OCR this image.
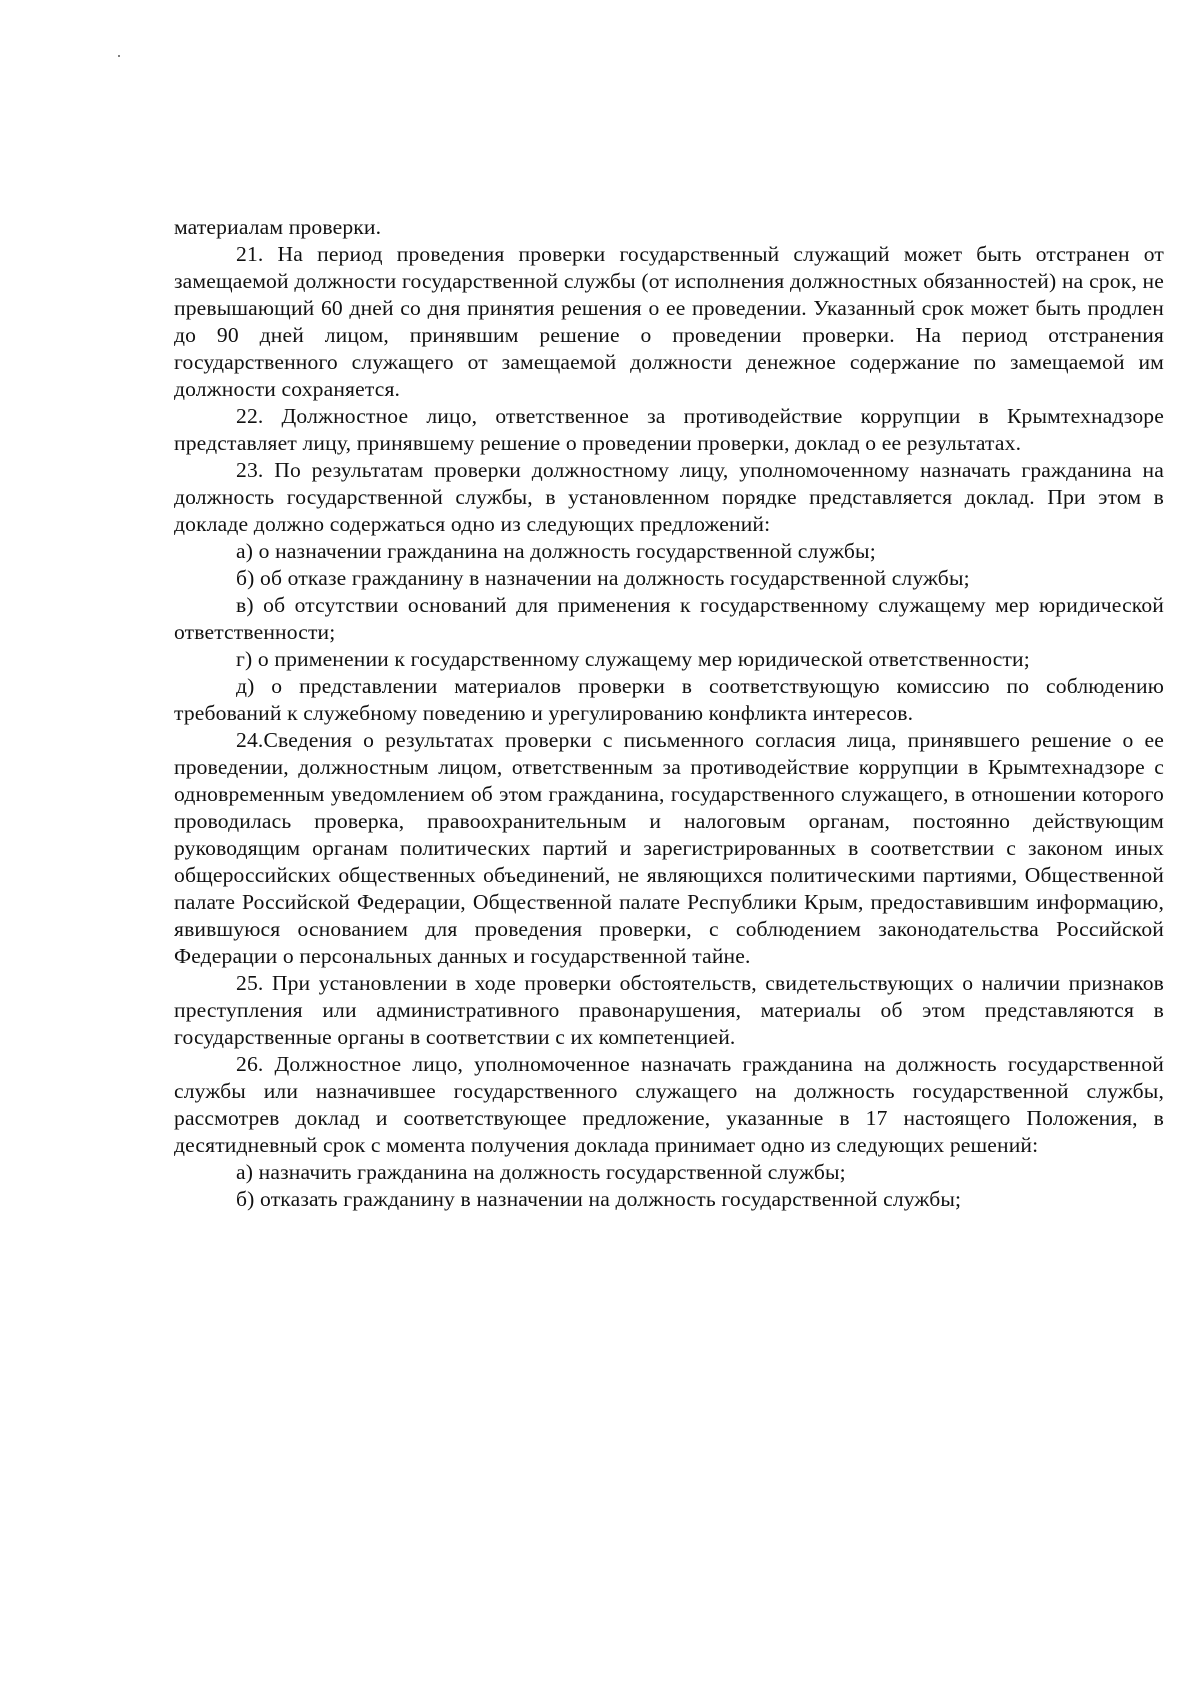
материалам проверки.

21. На период проведения проверки государственный служащий может быть отстранен от замещаемой должности государственной службы (от исполнения должностных обязанностей) на срок, не превышающий 60 дней со дня принятия решения о ее проведении. Указанный срок может быть продлен до 90 дней лицом, принявшим решение о проведении проверки. На период отстранения государственного служащего от замещаемой должности денежное содержание по замещаемой им должности сохраняется.

22. Должностное лицо, ответственное за противодействие коррупции в Крымтехнадзоре представляет лицу, принявшему решение о проведении проверки, доклад о ее результатах.

23. По результатам проверки должностному лицу, уполномоченному назначать гражданина на должность государственной службы, в установленном порядке представляется доклад. При этом в докладе должно содержаться одно из следующих предложений:

а) о назначении гражданина на должность государственной службы;

б) об отказе гражданину в назначении на должность государственной службы;

в) об отсутствии оснований для применения к государственному служащему мер юридической ответственности;

г) о применении к государственному служащему мер юридической ответственности;

д) о представлении материалов проверки в соответствующую комиссию по соблюдению требований к служебному поведению и урегулированию конфликта интересов.

24.Сведения о результатах проверки с письменного согласия лица, принявшего решение о ее проведении, должностным лицом, ответственным за противодействие коррупции в Крымтехнадзоре с одновременным уведомлением об этом гражданина, государственного служащего, в отношении которого проводилась проверка, правоохранительным и налоговым органам, постоянно действующим руководящим органам политических партий и зарегистрированных в соответствии с законом иных общероссийских общественных объединений, не являющихся политическими партиями, Общественной палате Российской Федерации, Общественной палате Республики Крым, предоставившим информацию, явившуюся основанием для проведения проверки, с соблюдением законодательства Российской Федерации о персональных данных и государственной тайне.

25. При установлении в ходе проверки обстоятельств, свидетельствующих о наличии признаков преступления или административного правонарушения, материалы об этом представляются в государственные органы в соответствии с их компетенцией.

26. Должностное лицо, уполномоченное назначать гражданина на должность государственной службы или назначившее государственного служащего на должность государственной службы, рассмотрев доклад и соответствующее предложение, указанные в 17 настоящего Положения, в десятидневный срок с момента получения доклада принимает одно из следующих решений:

а) назначить гражданина на должность государственной службы;

б) отказать гражданину в назначении на должность государственной службы;
